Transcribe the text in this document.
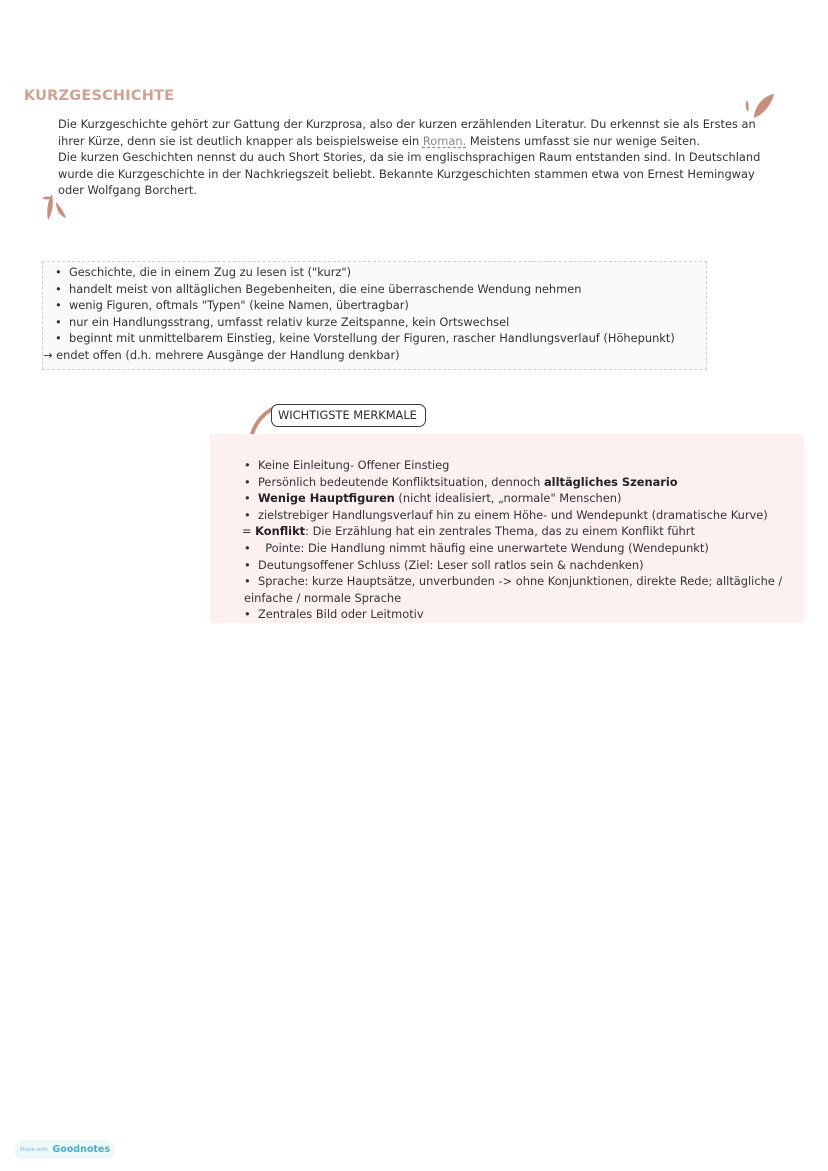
KURZGESCHICHTE

Die Kurzgeschichte gehört zur Gattung der Kurzprosa, also der kurzen erzählenden Literatur. Du erkennst sie als Erstes an ihrer Kürze, denn sie ist deutlich knapper als beispielsweise ein Roman. Meistens umfasst sie nur wenige Seiten.

Die kurzen Geschichten nennst du auch Short Stories, da sie im englischsprachigen Raum entstanden sind. In Deutschland wurde die Kurzgeschichte in der Nachkriegszeit beliebt. Bekannte Kurzgeschichten stammen etwa von Ernest Hemingway oder Wolfgang Borchert.

• Geschichte, die in einem Zug zu lesen ist ("kurz")
• handelt meist von alltäglichen Begebenheiten, die eine überraschende Wendung nehmen
• wenig Figuren, oftmals "Typen" (keine Namen, übertragbar)
• nur ein Handlungsstrang, umfasst relativ kurze Zeitspanne, kein Ortswechsel
• beginnt mit unmittelbarem Einstieg, keine Vorstellung der Figuren, rascher Handlungsverlauf (Höhepunkt)
→ endet offen (d.h. mehrere Ausgänge der Handlung denkbar)
WICHTIGSTE MERKMALE
• Keine Einleitung- Offener Einstieg
• Persönlich bedeutende Konfliktsituation, dennoch alltägliches Szenario
• Wenige Hauptfiguren (nicht idealisiert, „normale" Menschen)
• zielstrebiger Handlungsverlauf hin zu einem Höhe- und Wendepunkt (dramatische Kurve)
= Konflikt: Die Erzählung hat ein zentrales Thema, das zu einem Konflikt führt
• Pointe: Die Handlung nimmt häufig eine unerwartete Wendung (Wendepunkt)
• Deutungsoffener Schluss (Ziel: Leser soll ratlos sein & nachdenken)
• Sprache: kurze Hauptsätze, unverbunden -> ohne Konjunktionen, direkte Rede; alltägliche / einfache / normale Sprache
• Zentrales Bild oder Leitmotiv
Made with Goodnotes
